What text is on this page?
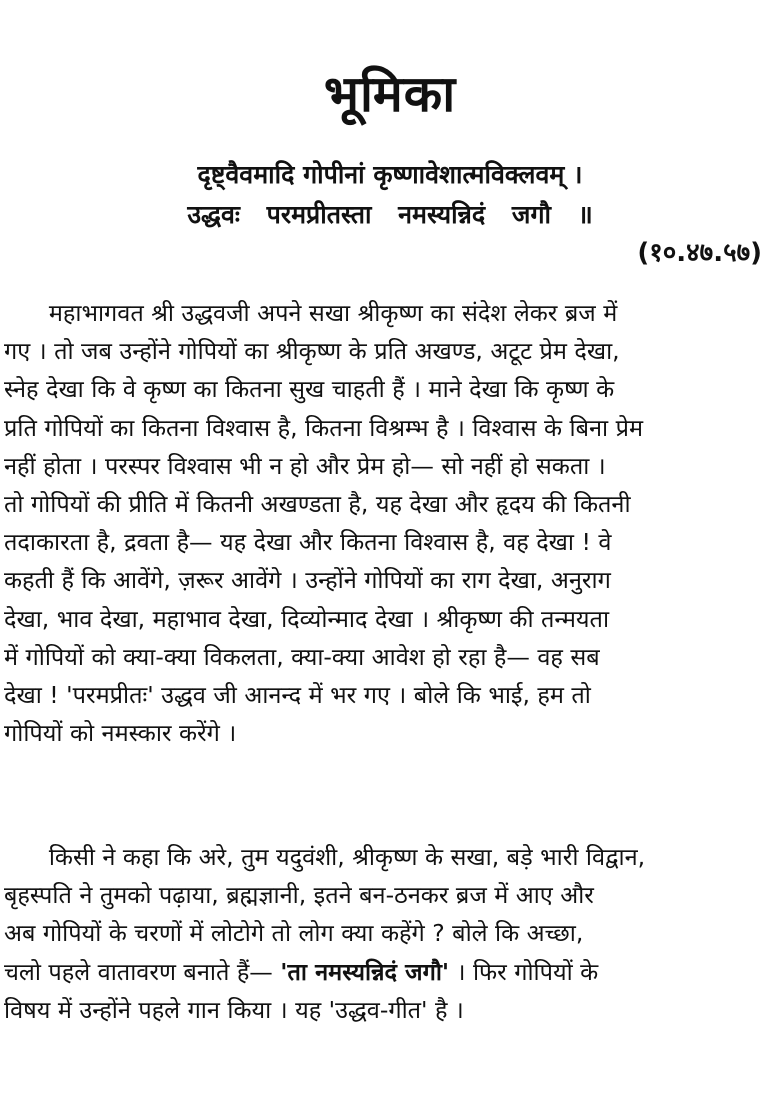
भूमिका
दृष्ट्वैवमादि गोपीनां कृष्णावेशात्मविक्लवम् ।
उद्धवः परमप्रीतस्ता नमस्यन्निदं जगौ ॥
(१०.४७.५७)
महाभागवत श्री उद्धवजी अपने सखा श्रीकृष्ण का संदेश लेकर ब्रज में
गए । तो जब उन्होंने गोपियों का श्रीकृष्ण के प्रति अखण्ड, अटूट प्रेम देखा,
स्नेह देखा कि वे कृष्ण का कितना सुख चाहती हैं । माने देखा कि कृष्ण के
प्रति गोपियों का कितना विश्वास है, कितना विश्रम्भ है । विश्वास के बिना प्रेम
नहीं होता । परस्पर विश्वास भी न हो और प्रेम हो— सो नहीं हो सकता ।
तो गोपियों की प्रीति में कितनी अखण्डता है, यह देखा और हृदय की कितनी
तदाकारता है, द्रवता है— यह देखा और कितना विश्वास है, वह देखा ! वे
कहती हैं कि आवेंगे, ज़रूर आवेंगे । उन्होंने गोपियों का राग देखा, अनुराग
देखा, भाव देखा, महाभाव देखा, दिव्योन्माद देखा । श्रीकृष्ण की तन्मयता
में गोपियों को क्या-क्या विकलता, क्या-क्या आवेश हो रहा है— वह सब
देखा ! 'परमप्रीतः' उद्धव जी आनन्द में भर गए । बोले कि भाई, हम तो
गोपियों को नमस्कार करेंगे ।
किसी ने कहा कि अरे, तुम यदुवंशी, श्रीकृष्ण के सखा, बड़े भारी विद्वान,
बृहस्पति ने तुमको पढ़ाया, ब्रह्मज्ञानी, इतने बन-ठनकर ब्रज में आए और
अब गोपियों के चरणों में लोटोगे तो लोग क्या कहेंगे ? बोले कि अच्छा,
चलो पहले वातावरण बनाते हैं— 'ता नमस्यन्निदं जगौ' । फिर गोपियों के
विषय में उन्होंने पहले गान किया । यह 'उद्धव-गीत' है ।
